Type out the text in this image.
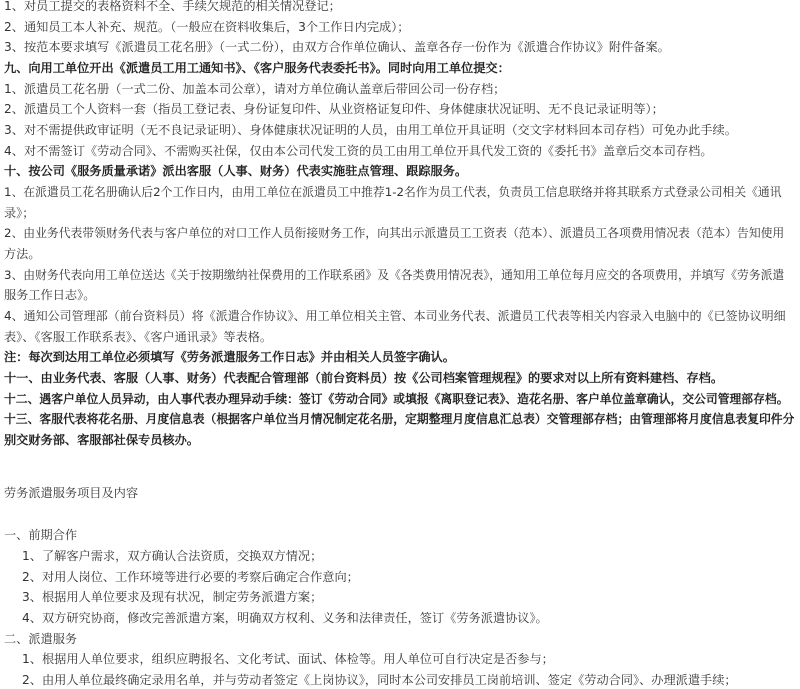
1、对员工提交的表格资料不全、手续欠规范的相关情况登记；
2、通知员工本人补充、规范。（一般应在资料收集后，3个工作日内完成）；
3、按范本要求填写《派遣员工花名册》（一式二份），由双方合作单位确认、盖章各存一份作为《派遣合作协议》附件备案。
九、向用工单位开出《派遣员工用工通知书》、《客户服务代表委托书》。同时向用工单位提交：
1、派遣员工花名册（一式二份、加盖本司公章），请对方单位确认盖章后带回公司一份存档；
2、派遣员工个人资料一套（指员工登记表、身份证复印件、从业资格证复印件、身体健康状况证明、无不良记录证明等）；
3、对不需提供政审证明（无不良记录证明）、身体健康状况证明的人员，由用工单位开具证明（交文字材料回本司存档）可免办此手续。
4、对不需签订《劳动合同》、不需购买社保，仅由本公司代发工资的员工由用工单位开具代发工资的《委托书》盖章后交本司存档。
十、按公司《服务质量承诺》派出客服（人事、财务）代表实施驻点管理、跟踪服务。
1、在派遣员工花名册确认后2个工作日内，由用工单位在派遣员工中推荐1-2名作为员工代表，负责员工信息联络并将其联系方式登录公司相关《通讯
录》；
2、由业务代表带领财务代表与客户单位的对口工作人员衔接财务工作，向其出示派遣员工工资表（范本）、派遣员工各项费用情况表（范本）告知使用
方法。
3、由财务代表向用工单位送达《关于按期缴纳社保费用的工作联系函》及《各类费用情况表》，通知用工单位每月应交的各项费用，并填写《劳务派遣
服务工作日志》。
4、通知公司管理部（前台资料员）将《派遣合作协议》、用工单位相关主管、本司业务代表、派遣员工代表等相关内容录入电脑中的《已签协议明细
表》、《客服工作联系表》、《客户通讯录》等表格。
注：每次到达用工单位必须填写《劳务派遣服务工作日志》并由相关人员签字确认。
十一、由业务代表、客服（人事、财务）代表配合管理部（前台资料员）按《公司档案管理规程》的要求对以上所有资料建档、存档。
十二、遇客户单位人员异动，由人事代表办理异动手续：签订《劳动合同》或填报《离职登记表》、造花名册、客户单位盖章确认，交公司管理部存档。
十三、客服代表将花名册、月度信息表（根据客户单位当月情况制定花名册，定期整理月度信息汇总表）交管理部存档；由管理部将月度信息表复印件分
别交财务部、客服部社保专员核办。
劳务派遣服务项目及内容
一、前期合作
1、了解客户需求，双方确认合法资质，交换双方情况；
2、对用人岗位、工作环境等进行必要的考察后确定合作意向；
3、根据用人单位要求及现有状况，制定劳务派遣方案；
4、双方研究协商，修改完善派遣方案，明确双方权利、义务和法律责任，签订《劳务派遣协议》。
二、派遣服务
1、根据用人单位要求，组织应聘报名、文化考试、面试、体检等。用人单位可自行决定是否参与；
2、由用人单位最终确定录用名单，并与劳动者签定《上岗协议》，同时本公司安排员工岗前培训、签定《劳动合同》、办理派遣手续；
